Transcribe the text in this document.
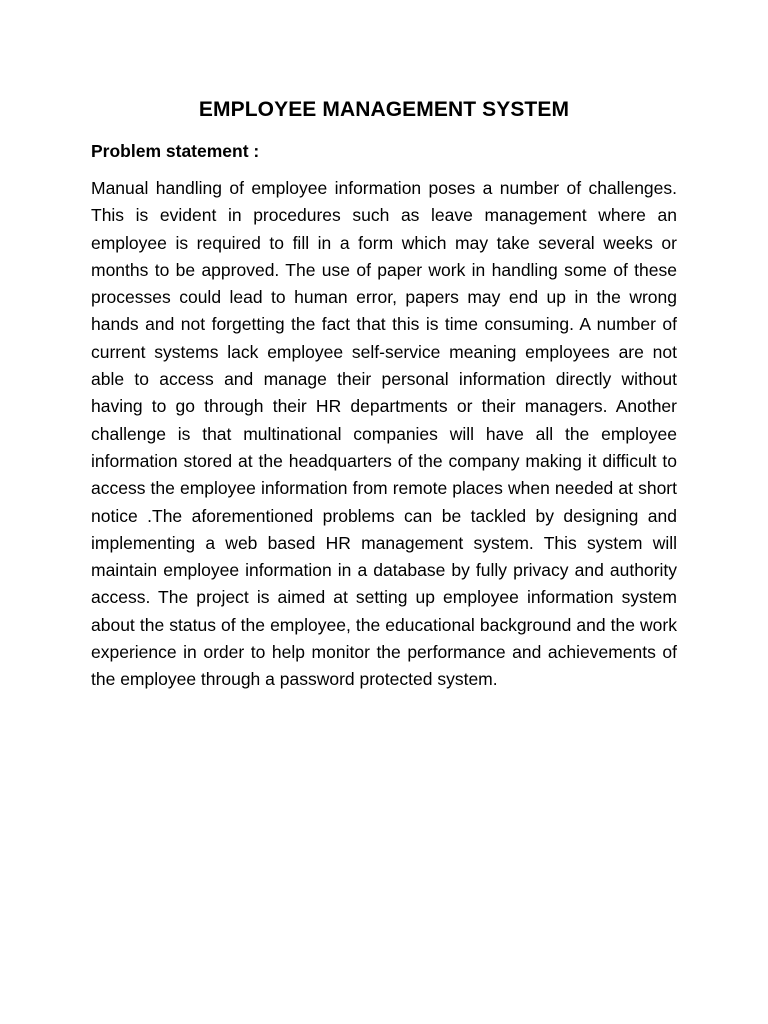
EMPLOYEE MANAGEMENT SYSTEM
Problem statement :

Manual handling of employee information poses a number of challenges. This is evident in procedures such as leave management where an employee is required to fill in a form which may take several weeks or months to be approved. The use of paper work in handling some of these processes could lead to human error, papers may end up in the wrong hands and not forgetting the fact that this is time consuming. A number of current systems lack employee self-service meaning employees are not able to access and manage their personal information directly without having to go through their HR departments or their managers. Another challenge is that multinational companies will have all the employee information stored at the headquarters of the company making it difficult to access the employee information from remote places when needed at short notice .The aforementioned problems can be tackled by designing and implementing a web based HR management system. This system will maintain employee information in a database by fully privacy and authority access. The project is aimed at setting up employee information system about the status of the employee, the educational background and the work experience in order to help monitor the performance and achievements of the employee through a password protected system.
